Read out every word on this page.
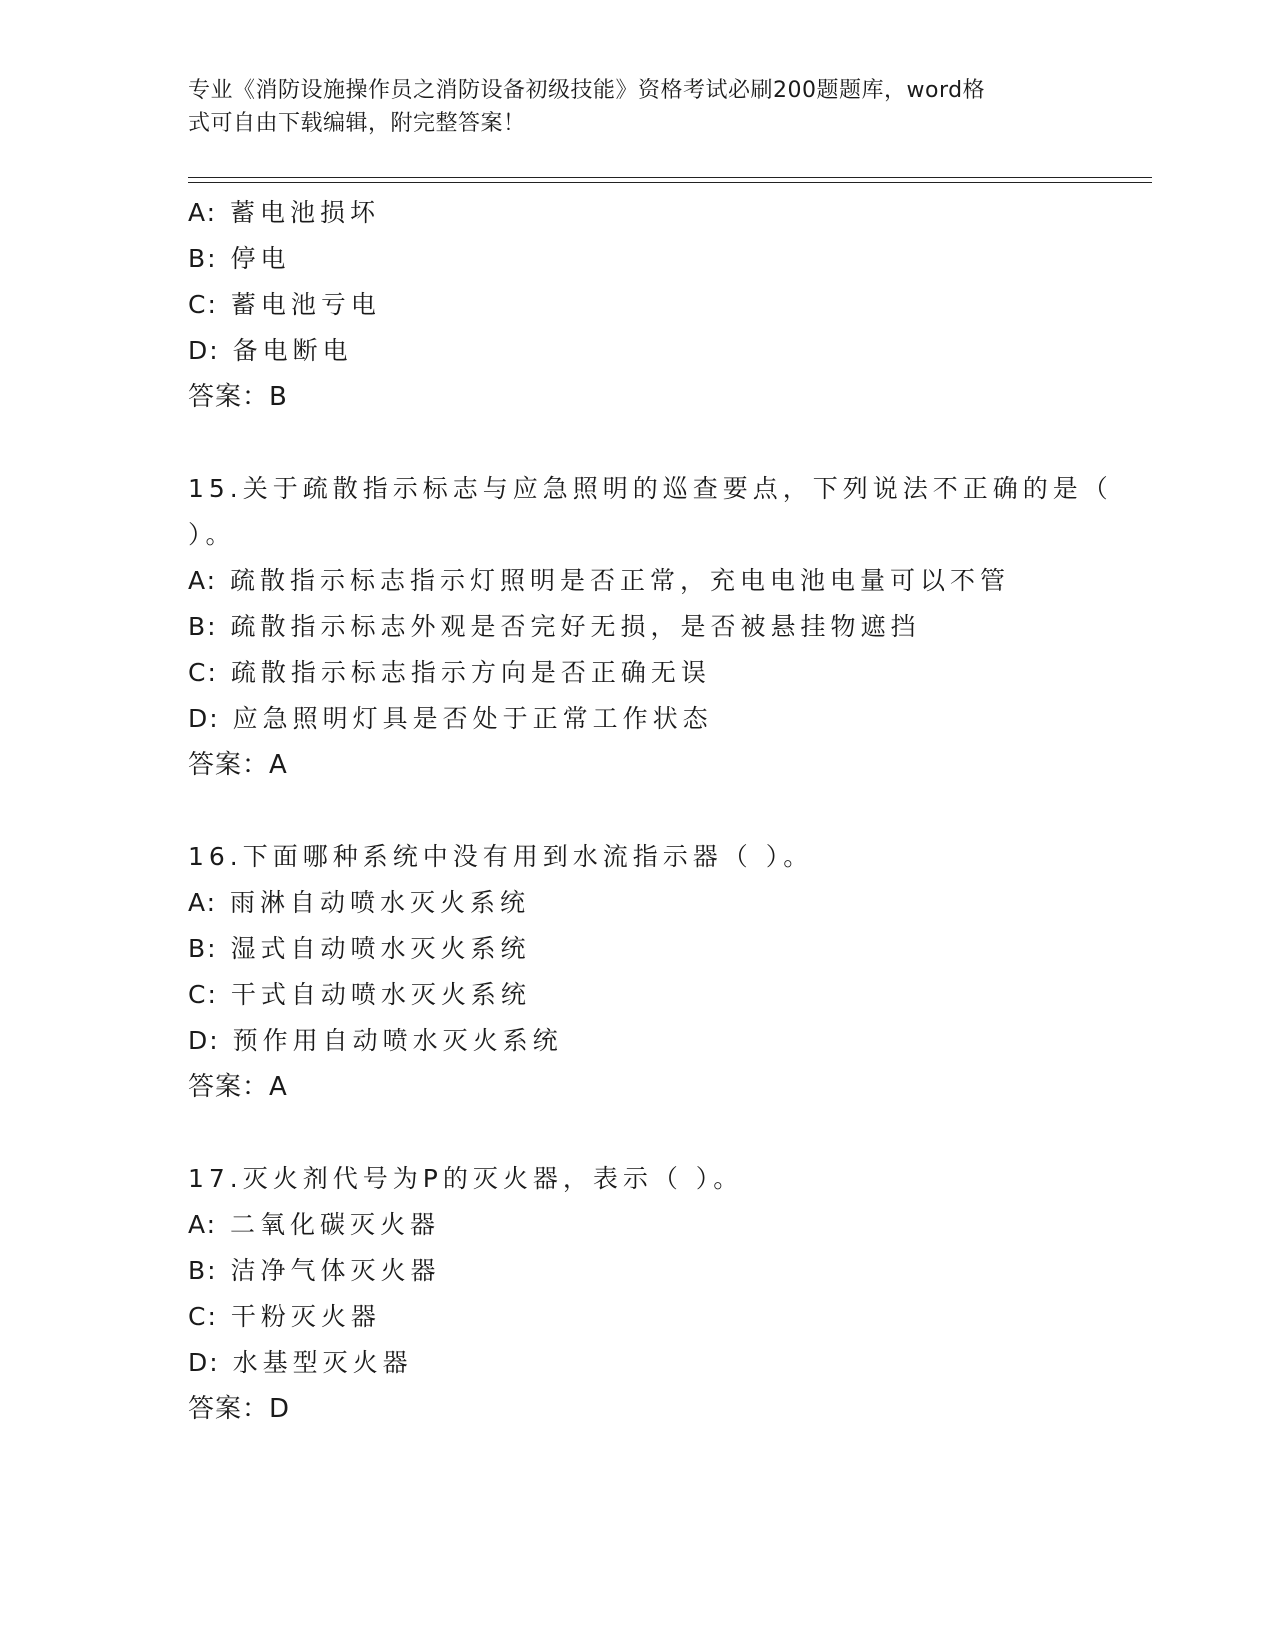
专业《消防设施操作员之消防设备初级技能》资格考试必刷200题题库，word格
式可自由下载编辑，附完整答案！
A: 蓄电池损坏
B: 停电
C: 蓄电池亏电
D: 备电断电
答案：B
15.关于疏散指示标志与应急照明的巡查要点，下列说法不正确的是（
）。
A: 疏散指示标志指示灯照明是否正常，充电电池电量可以不管
B: 疏散指示标志外观是否完好无损，是否被悬挂物遮挡
C: 疏散指示标志指示方向是否正确无误
D: 应急照明灯具是否处于正常工作状态
答案：A
16.下面哪种系统中没有用到水流指示器（ ）。
A: 雨淋自动喷水灭火系统
B: 湿式自动喷水灭火系统
C: 干式自动喷水灭火系统
D: 预作用自动喷水灭火系统
答案：A
17.灭火剂代号为P的灭火器，表示（ ）。
A: 二氧化碳灭火器
B: 洁净气体灭火器
C: 干粉灭火器
D: 水基型灭火器
答案：D
